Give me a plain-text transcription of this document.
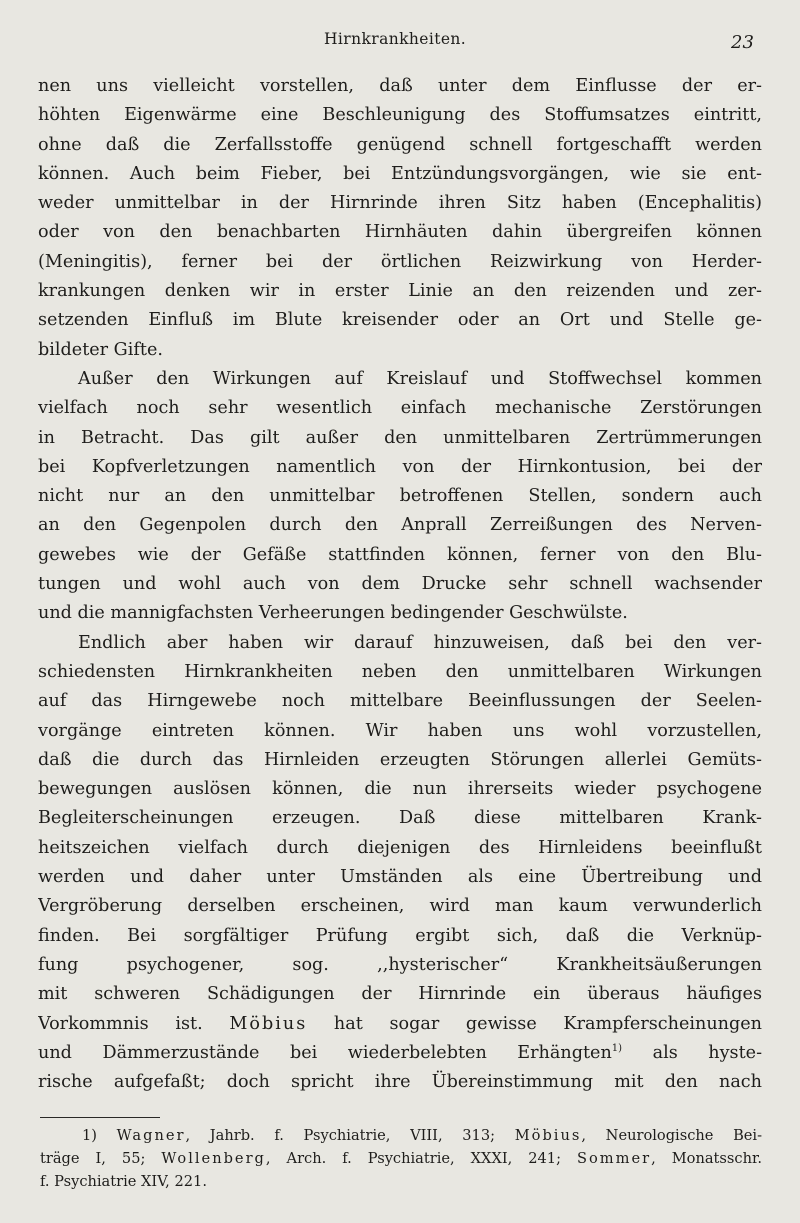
Hirnkrankheiten.	23
nen uns vielleicht vorstellen, daß unter dem Einflusse der er-
höhten Eigenwärme eine Beschleunigung des Stoffumsatzes eintritt,
ohne daß die Zerfallsstoffe genügend schnell fortgeschafft werden
können. Auch beim Fieber, bei Entzündungsvorgängen, wie sie ent-
weder unmittelbar in der Hirnrinde ihren Sitz haben (Encephalitis)
oder von den benachbarten Hirnhäuten dahin übergreifen können
(Meningitis), ferner bei der örtlichen Reizwirkung von Herder-
krankungen denken wir in erster Linie an den reizenden und zer-
setzenden Einfluß im Blute kreisender oder an Ort und Stelle ge-
bildeter Gifte.
Außer den Wirkungen auf Kreislauf und Stoffwechsel kommen
vielfach noch sehr wesentlich einfach mechanische Zerstörungen
in Betracht. Das gilt außer den unmittelbaren Zertrümmerungen
bei Kopfverletzungen namentlich von der Hirnkontusion, bei der
nicht nur an den unmittelbar betroffenen Stellen, sondern auch
an den Gegenpolen durch den Anprall Zerreißungen des Nerven-
gewebes wie der Gefäße stattfinden können, ferner von den Blu-
tungen und wohl auch von dem Drucke sehr schnell wachsender
und die mannigfachsten Verheerungen bedingender Geschwülste.
Endlich aber haben wir darauf hinzuweisen, daß bei den ver-
schiedensten Hirnkrankheiten neben den unmittelbaren Wirkungen
auf das Hirngewebe noch mittelbare Beeinflussungen der Seelen-
vorgänge eintreten können. Wir haben uns wohl vorzustellen,
daß die durch das Hirnleiden erzeugten Störungen allerlei Gemüts-
bewegungen auslösen können, die nun ihrerseits wieder psychogene
Begleiterscheinungen erzeugen. Daß diese mittelbaren Krank-
heitszeichen vielfach durch diejenigen des Hirnleidens beeinflußt
werden und daher unter Umständen als eine Übertreibung und
Vergröberung derselben erscheinen, wird man kaum verwunderlich
finden. Bei sorgfältiger Prüfung ergibt sich, daß die Verknüp-
fung psychogener, sog. ,,hysterischer“ Krankheitsäußerungen
mit schweren Schädigungen der Hirnrinde ein überaus häufiges
Vorkommnis ist. Möbius hat sogar gewisse Krampferscheinungen
und Dämmerzustände bei wiederbelebten Erhängten$^{1)}$ als hyste-
rische aufgefaßt; doch spricht ihre Übereinstimmung mit den nach
1) Wagner, Jahrb. f. Psychiatrie, VIII, 313; Möbius, Neurologische Bei-
träge I, 55; Wollenberg, Arch. f. Psychiatrie, XXXI, 241; Sommer, Monatsschr.
f. Psychiatrie XIV, 221.
